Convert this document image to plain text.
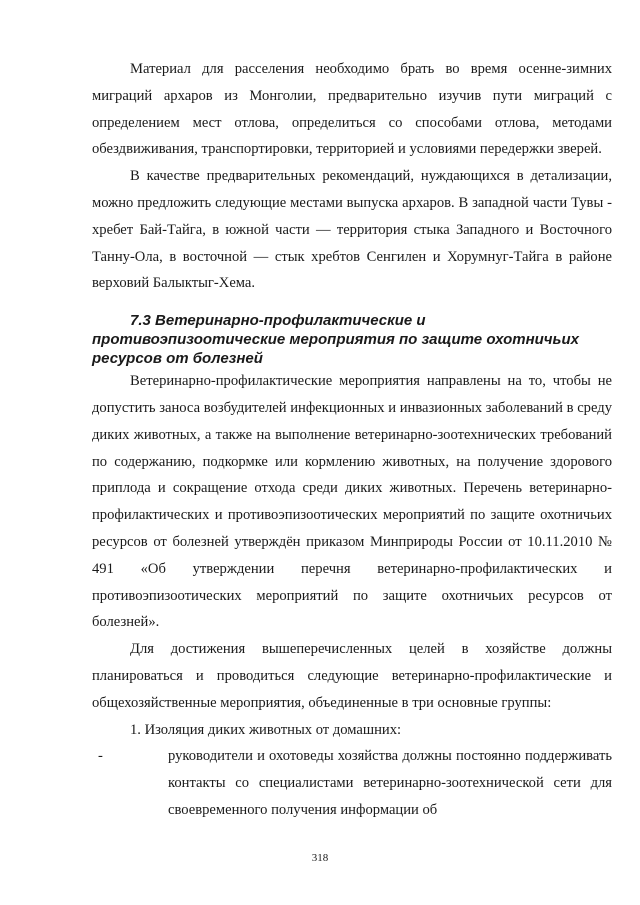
Материал для расселения необходимо брать во время осенне-зимних миграций архаров из Монголии, предварительно изучив пути миграций с определением мест отлова, определиться со способами отлова, методами обездвиживания, транспортировки, территорией и условиями передержки зверей.

В качестве предварительных рекомендаций, нуждающихся в детализации, можно предложить следующие местами выпуска архаров. В западной части Тувы - хребет Бай-Тайга, в южной части — территория стыка Западного и Восточного Танну-Ола, в восточной — стык хребтов Сенгилен и Хорумнуг-Тайга в районе верховий Балыктыг-Хема.

7.3 Ветеринарно-профилактические и противоэпизоотические мероприятия по защите охотничьих ресурсов от болезней

Ветеринарно-профилактические мероприятия направлены на то, чтобы не допустить заноса возбудителей инфекционных и инвазионных заболеваний в среду диких животных, а также на выполнение ветеринарно-зоотехнических требований по содержанию, подкормке или кормлению животных, на получение здорового приплода и сокращение отхода среди диких животных. Перечень ветеринарно-профилактических и противоэпизоотических мероприятий по защите охотничьих ресурсов от болезней утверждён приказом Минприроды России от 10.11.2010 № 491 «Об утверждении перечня ветеринарно-профилактических и противоэпизоотических мероприятий по защите охотничьих ресурсов от болезней».

Для достижения вышеперечисленных целей в хозяйстве должны планироваться и проводиться следующие ветеринарно-профилактические и общехозяйственные мероприятия, объединенные в три основные группы:

1. Изоляция диких животных от домашних:

-	руководители и охотоведы хозяйства должны постоянно поддерживать контакты со специалистами ветеринарно-зоотехнической сети для своевременного получения информации об
318
